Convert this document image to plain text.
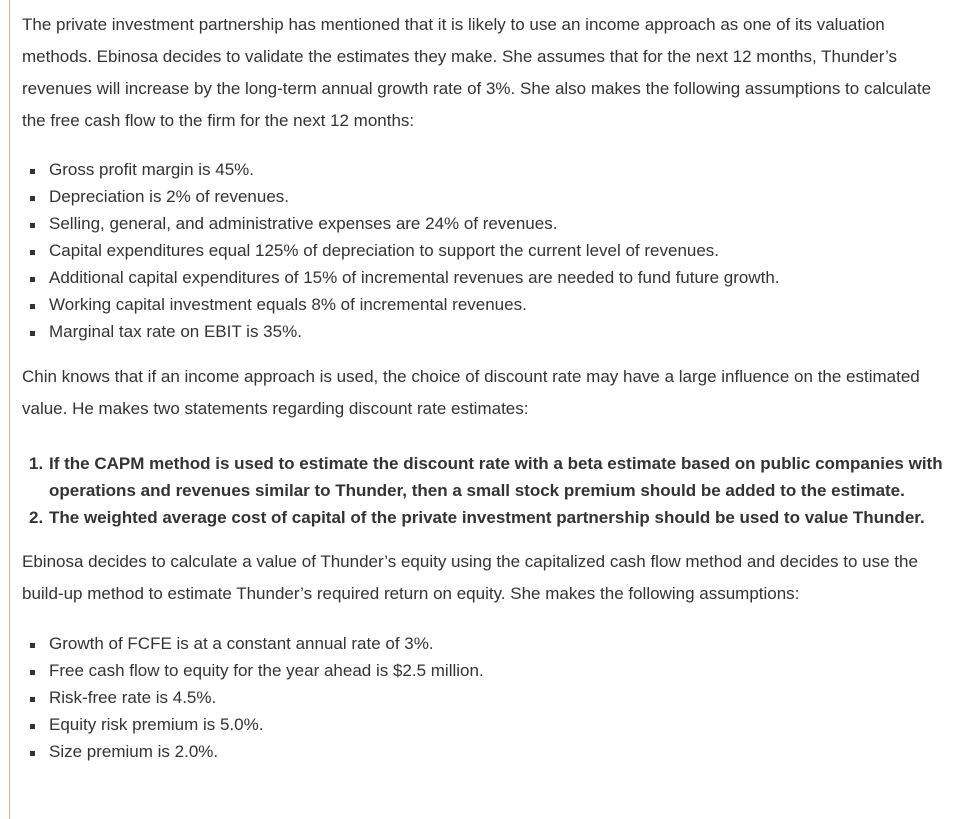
The private investment partnership has mentioned that it is likely to use an income approach as one of its valuation methods. Ebinosa decides to validate the estimates they make. She assumes that for the next 12 months, Thunder’s revenues will increase by the long-term annual growth rate of 3%. She also makes the following assumptions to calculate the free cash flow to the firm for the next 12 months:

Gross profit margin is 45%.
Depreciation is 2% of revenues.
Selling, general, and administrative expenses are 24% of revenues.
Capital expenditures equal 125% of depreciation to support the current level of revenues.
Additional capital expenditures of 15% of incremental revenues are needed to fund future growth.
Working capital investment equals 8% of incremental revenues.
Marginal tax rate on EBIT is 35%.

Chin knows that if an income approach is used, the choice of discount rate may have a large influence on the estimated value. He makes two statements regarding discount rate estimates:

1. If the CAPM method is used to estimate the discount rate with a beta estimate based on public companies with operations and revenues similar to Thunder, then a small stock premium should be added to the estimate.
2. The weighted average cost of capital of the private investment partnership should be used to value Thunder.

Ebinosa decides to calculate a value of Thunder’s equity using the capitalized cash flow method and decides to use the build-up method to estimate Thunder’s required return on equity. She makes the following assumptions:

Growth of FCFE is at a constant annual rate of 3%.
Free cash flow to equity for the year ahead is $2.5 million.
Risk-free rate is 4.5%.
Equity risk premium is 5.0%.
Size premium is 2.0%.
